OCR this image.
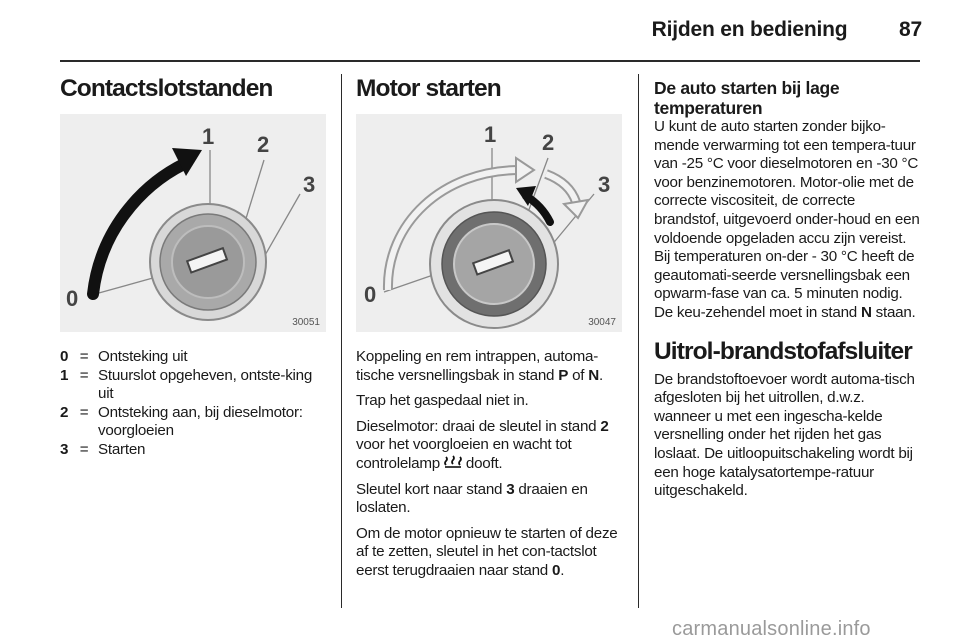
Rijden en bediening 87
Contactslotstanden
1 2
3
0
30051
0 = Ontsteking uit
1 = Stuurslot opgeheven, ontste-king uit
2 = Ontsteking aan, bij dieselmotor: voorgloeien
3 = Starten
Motor starten
1 2
3
0
30047

Koppeling en rem intrappen, automa-tische versnellingsbak in stand P of N.

Trap het gaspedaal niet in.

Dieselmotor: draai de sleutel in stand 2 voor het voorgloeien en wacht tot controlelamp

dooft.

Sleutel kort naar stand 3 draaien en loslaten.

Om de motor opnieuw te starten of deze af te zetten, sleutel in het con-tactslot eerst terugdraaien naar stand 0.

De auto starten bij lage temperaturen

U kunt de auto starten zonder bijko-mende verwarming tot een tempera-tuur van -25 °C voor dieselmotoren en -30 °C voor benzinemotoren. Motor-olie met de correcte viscositeit, de correcte brandstof, uitgevoerd onder-houd en een voldoende opgeladen accu zijn vereist. Bij temperaturen on-der - 30 °C heeft de geautomati-seerde versnellingsbak een opwarm-fase van ca. 5 minuten nodig. De keu-zehendel moet in stand N staan.

Uitrol-brandstofafsluiter

De brandstoftoevoer wordt automa-tisch afgesloten bij het uitrollen, d.w.z. wanneer u met een ingescha-kelde versnelling onder het rijden het gas loslaat. De uitloopuitschakeling wordt bij een hoge katalysatortempe-ratuur uitgeschakeld.

carmanualsonline.info
